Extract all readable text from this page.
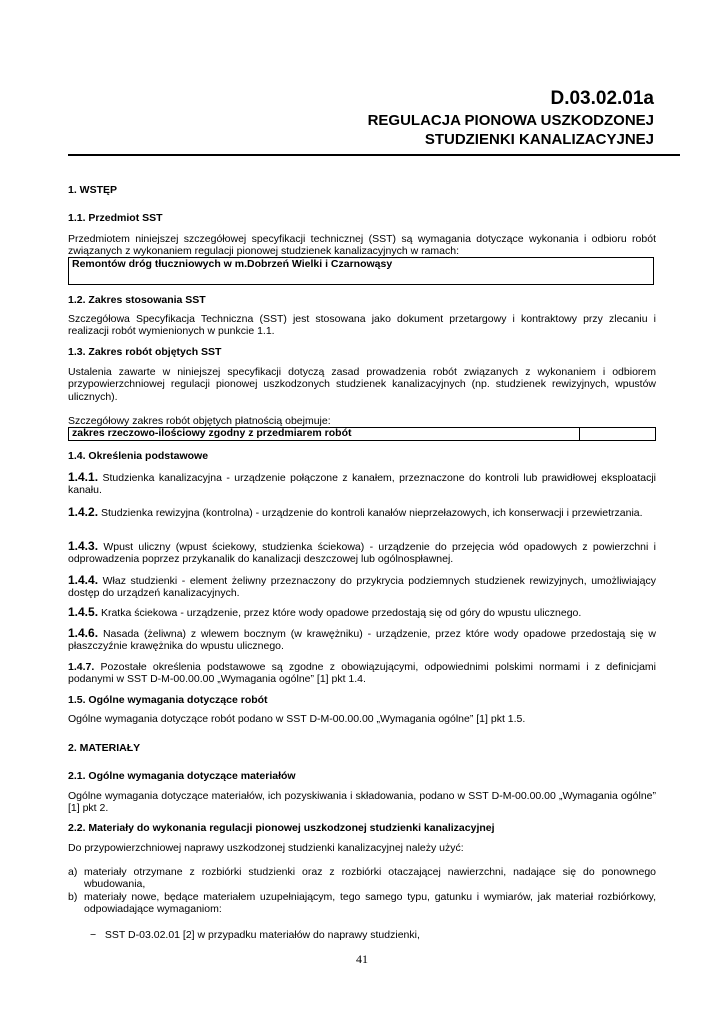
D.03.02.01a
REGULACJA PIONOWA USZKODZONEJ
STUDZIENKI KANALIZACYJNEJ
1. WSTĘP
1.1. Przedmiot SST
Przedmiotem niniejszej szczegółowej specyfikacji technicznej (SST) są wymagania dotyczące wykonania i odbioru robót związanych z wykonaniem regulacji pionowej studzienek kanalizacyjnych w ramach:
Remontów dróg tłuczniowych w m.Dobrzeń Wielki i Czarnowąsy
1.2. Zakres stosowania SST
Szczegółowa Specyfikacja Techniczna (SST) jest stosowana jako dokument przetargowy i kontraktowy przy zlecaniu i realizacji robót wymienionych w punkcie 1.1.
1.3. Zakres robót objętych SST
Ustalenia zawarte w niniejszej specyfikacji dotyczą zasad prowadzenia robót związanych z wykonaniem i odbiorem przypowierzchniowej regulacji pionowej uszkodzonych studzienek kanalizacyjnych (np. studzienek rewizyjnych, wpustów ulicznych).
Szczegółowy zakres robót objętych płatnością obejmuje:
zakres rzeczowo-ilościowy zgodny z przedmiarem robót
1.4. Określenia podstawowe
1.4.1. Studzienka kanalizacyjna - urządzenie połączone z kanałem, przeznaczone do kontroli lub prawidłowej eksploatacji kanału.
1.4.2. Studzienka rewizyjna (kontrolna) - urządzenie do kontroli kanałów nieprzełazowych, ich konserwacji i przewietrzania.
1.4.3. Wpust uliczny (wpust ściekowy, studzienka ściekowa) - urządzenie do przejęcia wód opadowych z powierzchni i odprowadzenia poprzez przykanalik do kanalizacji deszczowej lub ogólnospławnej.
1.4.4. Właz studzienki - element żeliwny przeznaczony do przykrycia podziemnych studzienek rewizyjnych, umożliwiający dostęp do urządzeń kanalizacyjnych.
1.4.5. Kratka ściekowa - urządzenie, przez które wody opadowe przedostają się od góry do wpustu ulicznego.
1.4.6. Nasada (żeliwna) z wlewem bocznym (w krawężniku) - urządzenie, przez które wody opadowe przedostają się w płaszczyźnie krawężnika do wpustu ulicznego.
1.4.7. Pozostałe określenia podstawowe są zgodne z obowiązującymi, odpowiednimi polskimi normami i z definicjami podanymi w SST D-M-00.00.00 „Wymagania ogólne” [1] pkt 1.4.
1.5. Ogólne wymagania dotyczące robót
Ogólne wymagania dotyczące robót podano w SST D-M-00.00.00 „Wymagania ogólne” [1] pkt 1.5.
2. MATERIAŁY
2.1. Ogólne wymagania dotyczące materiałów
Ogólne wymagania dotyczące materiałów, ich pozyskiwania i składowania, podano w SST D-M-00.00.00 „Wymagania ogólne” [1] pkt 2.
2.2. Materiały do wykonania regulacji pionowej uszkodzonej studzienki kanalizacyjnej
Do przypowierzchniowej naprawy uszkodzonej studzienki kanalizacyjnej należy użyć:
a) materiały otrzymane z rozbiórki studzienki oraz z rozbiórki otaczającej nawierzchni, nadające się do ponownego wbudowania,
b) materiały nowe, będące materiałem uzupełniającym, tego samego typu, gatunku i wymiarów, jak materiał rozbiórkowy, odpowiadające wymaganiom:
− SST D-03.02.01 [2] w przypadku materiałów do naprawy studzienki,
41
